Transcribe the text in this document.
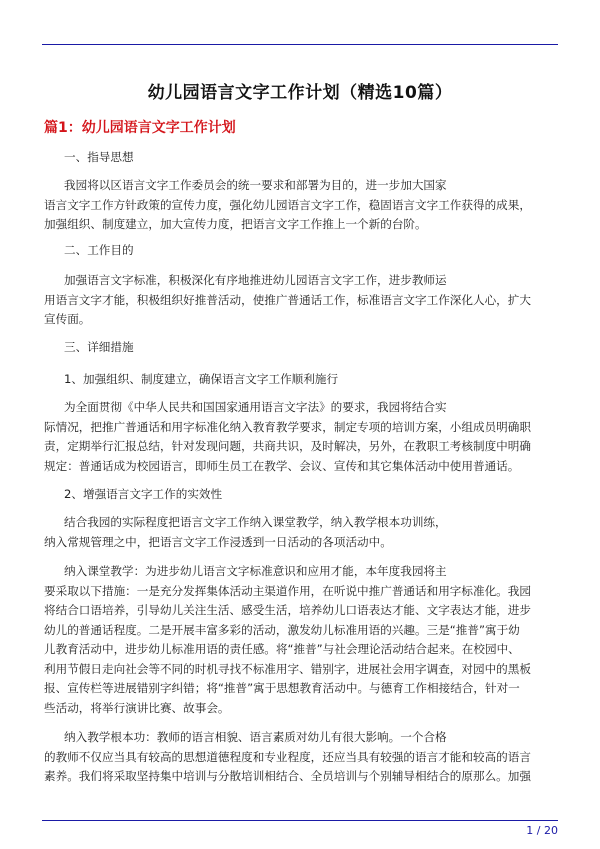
幼儿园语言文字工作计划（精选10篇）
篇1：幼儿园语言文字工作计划
一、指导思想
我园将以区语言文字工作委员会的统一要求和部署为目的，进一步加大国家
语言文字工作方针政策的宣传力度，强化幼儿园语言文字工作，稳固语言文字工作获得的成果，
加强组织、制度建立，加大宣传力度，把语言文字工作推上一个新的台阶。
二、工作目的
加强语言文字标准，积极深化有序地推进幼儿园语言文字工作，进步教师运
用语言文字才能，积极组织好推普活动，使推广普通话工作，标准语言文字工作深化人心，扩大
宣传面。
三、详细措施
1、加强组织、制度建立，确保语言文字工作顺利施行
为全面贯彻《中华人民共和国国家通用语言文字法》的要求，我园将结合实
际情况，把推广普通话和用字标准化纳入教育教学要求，制定专项的培训方案，小组成员明确职
责，定期举行汇报总结，针对发现问题，共商共识，及时解决，另外，在教职工考核制度中明确
规定：普通话成为校园语言，即师生员工在教学、会议、宣传和其它集体活动中使用普通话。
2、增强语言文字工作的实效性
结合我园的实际程度把语言文字工作纳入课堂教学，纳入教学根本功训练，
纳入常规管理之中，把语言文字工作浸透到一日活动的各项活动中。
纳入课堂教学：为进步幼儿语言文字标准意识和应用才能，本年度我园将主
要采取以下措施：一是充分发挥集体活动主渠道作用，在听说中推广普通话和用字标准化。我园
将结合口语培养，引导幼儿关注生活、感受生活，培养幼儿口语表达才能、文字表达才能，进步
幼儿的普通话程度。二是开展丰富多彩的活动，激发幼儿标准用语的兴趣。三是“推普”寓于幼
儿教育活动中，进步幼儿标准用语的责任感。将“推普”与社会理论活动结合起来。在校园中、
利用节假日走向社会等不同的时机寻找不标准用字、错别字，进展社会用字调查，对园中的黑板
报、宣传栏等进展错别字纠错；将“推普”寓于思想教育活动中。与德育工作相接结合，针对一
些活动，将举行演讲比赛、故事会。
纳入教学根本功：教师的语言相貌、语言素质对幼儿有很大影响。一个合格
的教师不仅应当具有较高的思想道德程度和专业程度，还应当具有较强的语言才能和较高的语言
素养。我们将采取坚持集中培训与分散培训相结合、全员培训与个别辅导相结合的原那么。加强
1 / 20
